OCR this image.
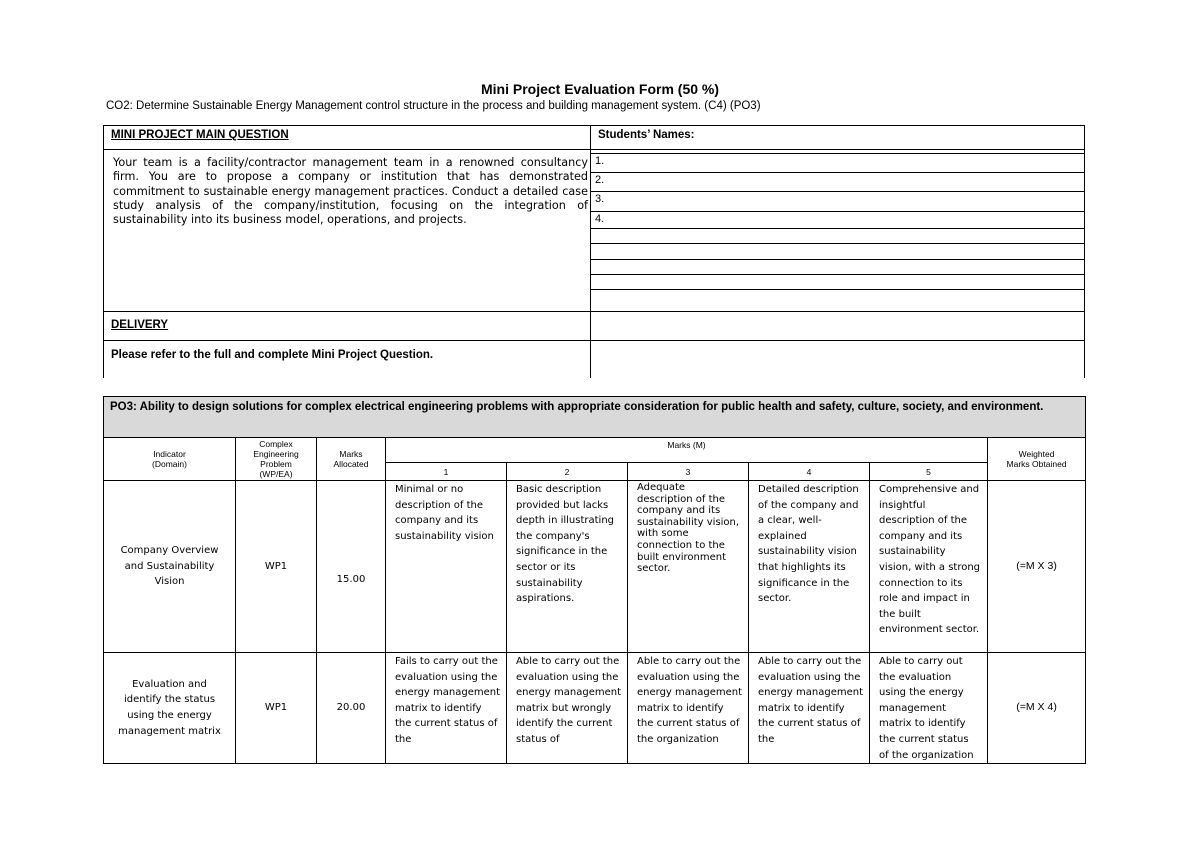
Mini Project Evaluation Form (50 %)
CO2: Determine Sustainable Energy Management control structure in the process and building management system. (C4) (PO3)
MINI PROJECT MAIN QUESTION	Students’ Names:
Your team is a facility/contractor management team in a renowned consultancy firm. You are to propose a company or institution that has demonstrated commitment to sustainable energy management practices. Conduct a detailed case study analysis of the company/institution, focusing on the integration of sustainability into its business model, operations, and projects.
1.
2.
3.
4.
DELIVERY
Please refer to the full and complete Mini Project Question.
PO3: Ability to design solutions for complex electrical engineering problems with appropriate consideration for public health and safety, culture, society, and environment.								

Indicator
(Domain)	Complex Engineering Problem (WP/EA)	Marks Allocated	Marks (M)					Weighted Marks Obtained
			1	2	3	4	5	
Company Overview and Sustainability Vision	WP1	15.00	Minimal or no description of the company and its sustainability vision	Basic description provided but lacks depth in illustrating the company's significance in the sector or its sustainability aspirations.	Adequate description of the company and its sustainability vision, with some connection to the built environment sector.	Detailed description of the company and a clear, well-explained sustainability vision that highlights its significance in the sector.	Comprehensive and insightful description of the company and its sustainability vision, with a strong connection to its role and impact in the built environment sector.	(=M X 3)
Evaluation and identify the status using the energy management matrix	WP1	20.00	Fails to carry out the evaluation using the energy management matrix to identify the current status of the	Able to carry out the evaluation using the energy management matrix but wrongly identify the current status of	Able to carry out the evaluation using the energy management matrix to identify the current status of the organization	Able to carry out the evaluation using the energy management matrix to identify the current status of the	Able to carry out the evaluation using the energy management matrix to identify the current status of the organization	(=M X 4)
